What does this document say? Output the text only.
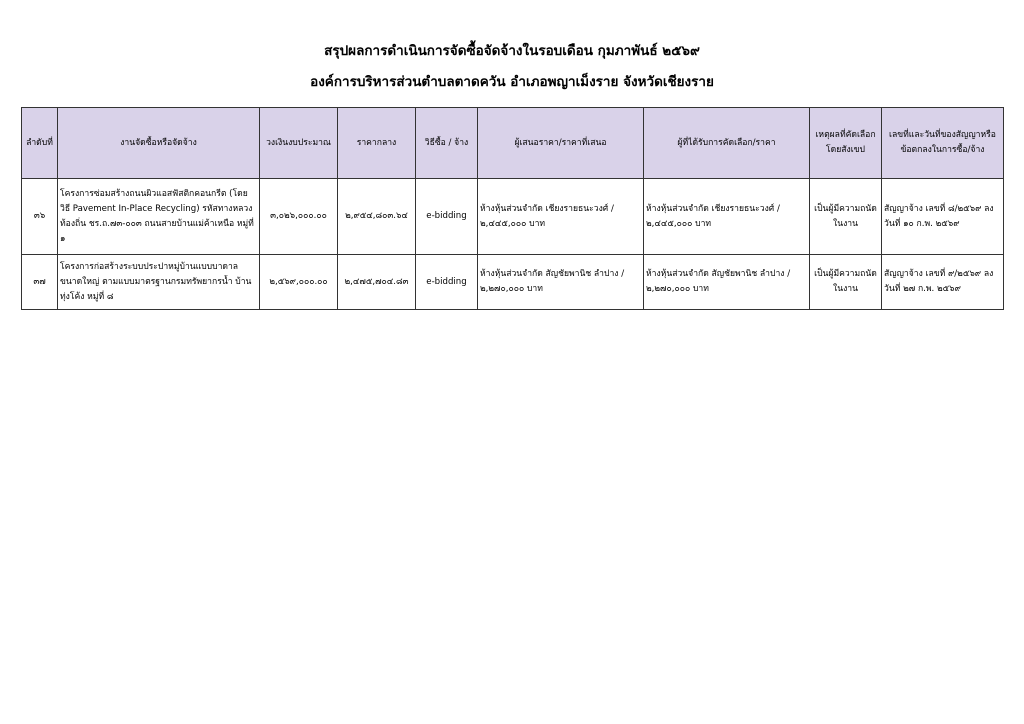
สรุปผลการดำเนินการจัดซื้อจัดจ้างในรอบเดือน กุมภาพันธ์ ๒๕๖๙
องค์การบริหารส่วนตำบลตาดควัน อำเภอพญาเม็งราย จังหวัดเชียงราย
ลำดับที่	งานจัดซื้อหรือจัดจ้าง	วงเงินงบประมาณ	ราคากลาง	วิธีซื้อ / จ้าง	ผู้เสนอราคา/ราคาที่เสนอ	ผู้ที่ได้รับการคัดเลือก/ราคา	เหตุผลที่คัดเลือกโดยสังเขป	เลขที่และวันที่ของสัญญาหรือข้อตกลงในการซื้อ/จ้าง
๓๖	โครงการซ่อมสร้างถนนผิวแอสฟัสติกคอนกรีต (โดยวิธี Pavement In-Place Recycling) รหัสทางหลวงท้องถิ่น ชร.ถ.๗๓-๐๐๓ ถนนสายบ้านแม่ค้าเหนือ หมู่ที่ ๑	๓,๐๒๖,๐๐๐.๐๐	๒,๙๕๔,๘๐๓.๖๔	e-bidding	ห้างหุ้นส่วนจำกัด เชียงรายธนะวงศ์ / ๒,๔๔๕,๐๐๐ บาท	ห้างหุ้นส่วนจำกัด เชียงรายธนะวงศ์ / ๒,๔๔๕,๐๐๐ บาท	เป็นผู้มีความถนัดในงาน	สัญญาจ้าง เลขที่ ๘/๒๕๖๙ ลงวันที่ ๑๐ ก.พ. ๒๕๖๙
๓๗	โครงการก่อสร้างระบบประปาหมู่บ้านแบบบาดาลขนาดใหญ่ ตามแบบมาตรฐานกรมทรัพยากรน้ำ บ้านทุ่งโค้ง หมู่ที่ ๘	๒,๕๖๙,๐๐๐.๐๐	๒,๔๗๕,๗๐๔.๘๓	e-bidding	ห้างหุ้นส่วนจำกัด สัญชัยพานิช ลำปาง / ๒,๒๗๐,๐๐๐ บาท	ห้างหุ้นส่วนจำกัด สัญชัยพานิช ลำปาง / ๒,๒๗๐,๐๐๐ บาท	เป็นผู้มีความถนัดในงาน	สัญญาจ้าง เลขที่ ๙/๒๕๖๙ ลงวันที่ ๒๗ ก.พ. ๒๕๖๙
